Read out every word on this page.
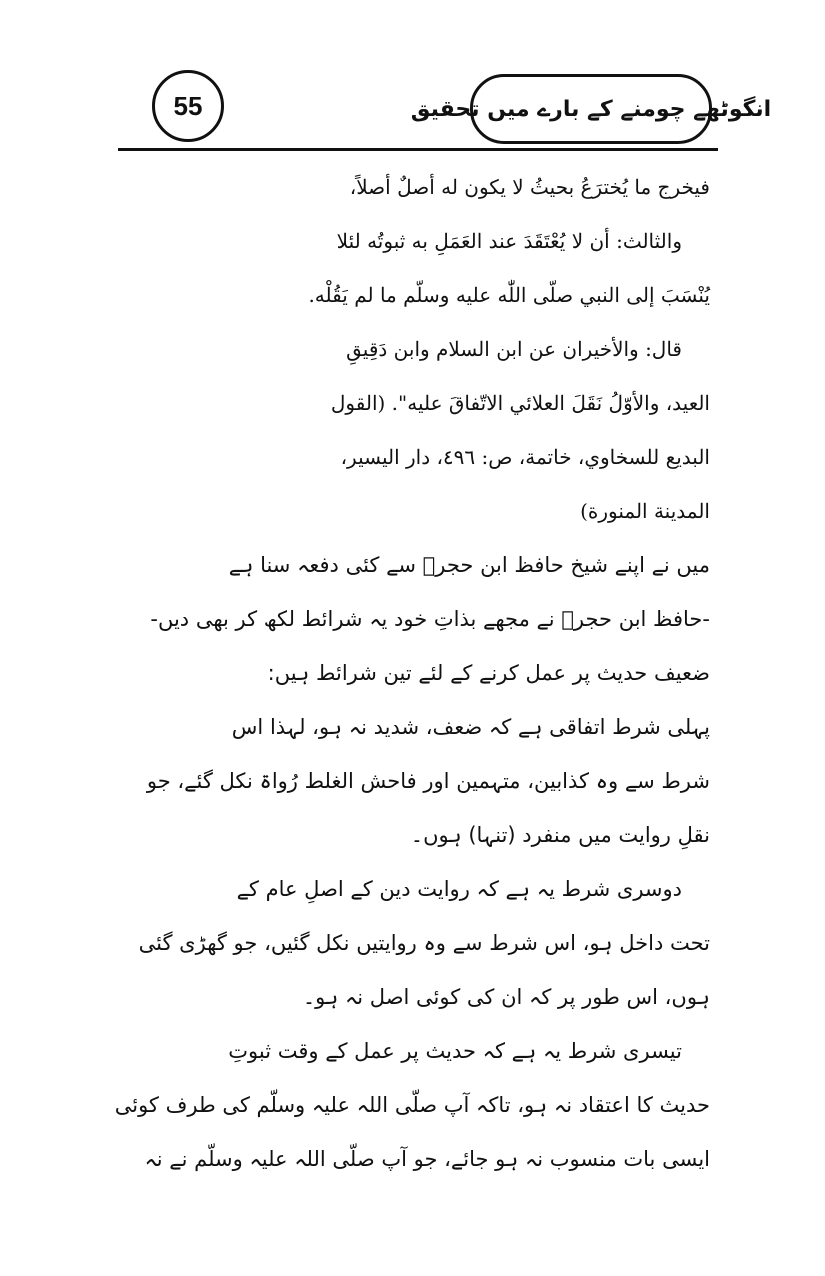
55	انگوٹھے چومنے کے بارے میں تحقیق
فيخرج ما يُخترَعُ بحيثُ لا يكون له أصلٌ أصلاً،
والثالث: أن لا يُعْتَقَدَ عند العَمَلِ به ثبوتُه لئلا
يُنْسَبَ إلى النبي صلّى اللّٰه عليه وسلّم ما لم يَقُلْه.
قال: والأخيران عن ابن السلام وابن دَقِيقِ
العيد، والأوّلُ نَقَلَ العلائي الاتّفاقَ عليه". (القول
البديع للسخاوي، خاتمة، ص: ٤٩٦، دار اليسير،
المدينة المنورة)
میں نے اپنے شیخ حافظ ابن حجرؒ سے کئی دفعہ سنا ہے
-حافظ ابن حجرؒ نے مجھے بذاتِ خود یہ شرائط لکھ کر بھی دیں-
ضعیف حدیث پر عمل کرنے کے لئے تین شرائط ہیں:
پہلی شرط اتفاقی ہے کہ ضعف، شدید نہ ہو، لہذا اس
شرط سے وہ کذابین، متہمین اور فاحش الغلط رُواۃ نکل گئے، جو
نقلِ روایت میں منفرد (تنہا) ہوں۔
دوسری شرط یہ ہے کہ روایت دین کے اصلِ عام کے
تحت داخل ہو، اس شرط سے وہ روایتیں نکل گئیں، جو گھڑی گئی
ہوں، اس طور پر کہ ان کی کوئی اصل نہ ہو۔
تیسری شرط یہ ہے کہ حدیث پر عمل کے وقت ثبوتِ
حدیث کا اعتقاد نہ ہو، تاکہ آپ صلّی اللہ علیہ وسلّم کی طرف کوئی
ایسی بات منسوب نہ ہو جائے، جو آپ صلّی اللہ علیہ وسلّم نے نہ
